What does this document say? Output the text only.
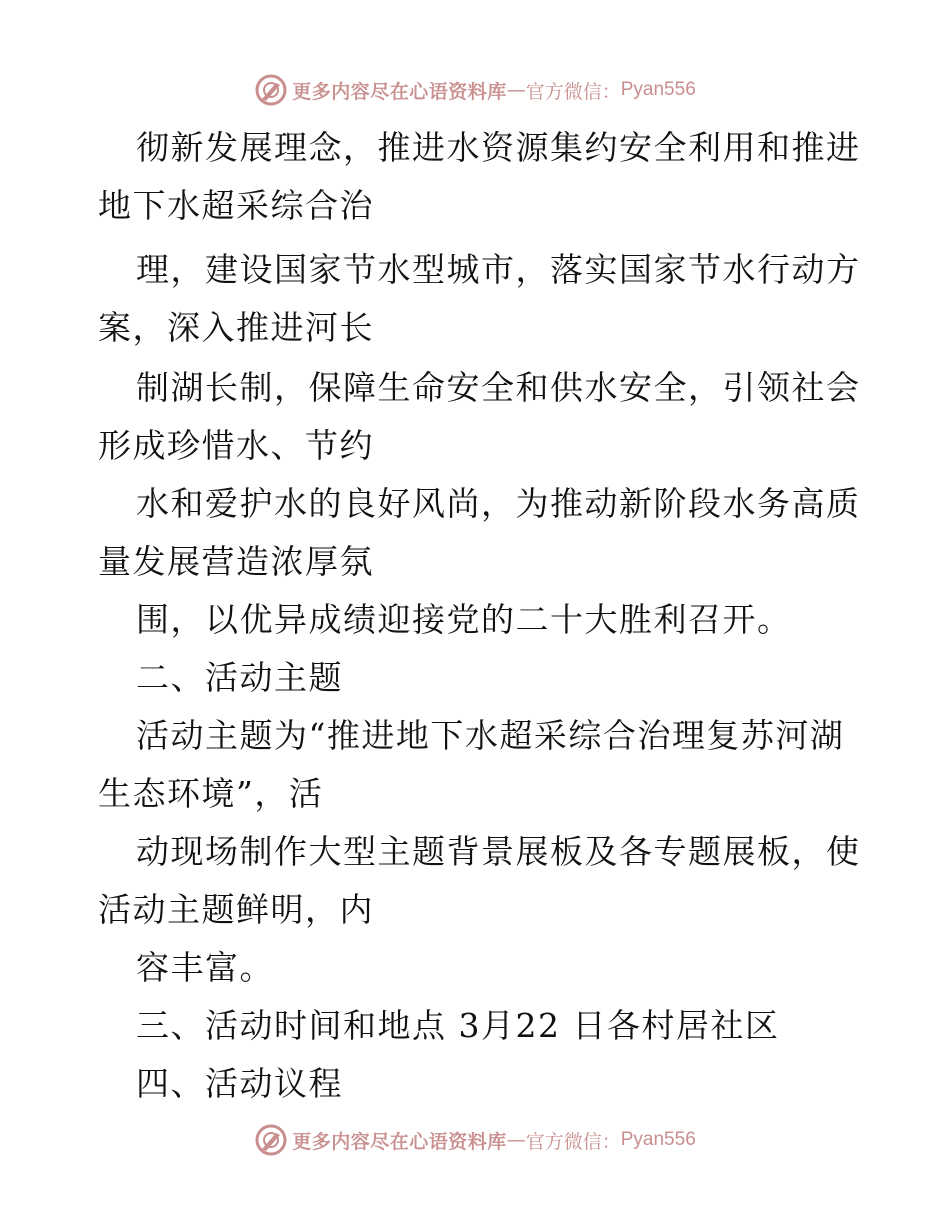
更多内容尽在心语资料库 — 官方微信： Pyan556
彻新发展理念，推进水资源集约安全利用和推进
地下水超采综合治
理，建设国家节水型城市，落实国家节水行动方
案，深入推进河长
制湖长制，保障生命安全和供水安全，引领社会
形成珍惜水、节约
水和爱护水的良好风尚，为推动新阶段水务高质
量发展营造浓厚氛
围，以优异成绩迎接党的二十大胜利召开。
二、活动主题
活动主题为“推进地下水超采综合治理复苏河湖
生态环境”，活
动现场制作大型主题背景展板及各专题展板，使
活动主题鲜明，内
容丰富。
三、活动时间和地点 3月22 日各村居社区
四、活动议程
更多内容尽在心语资料库 — 官方微信： Pyan556
